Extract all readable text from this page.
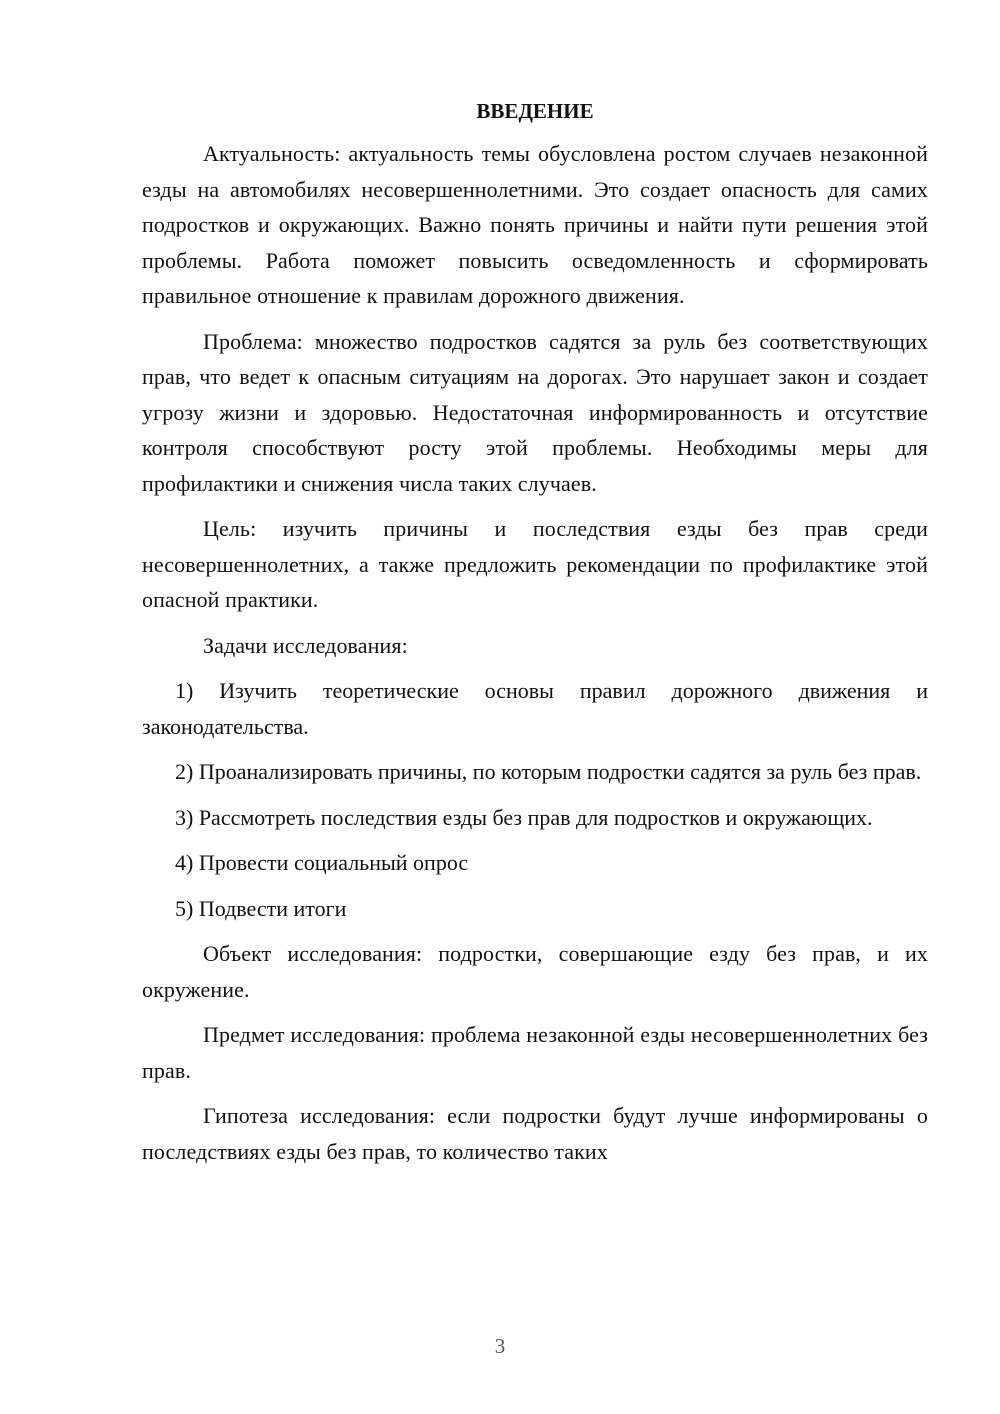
ВВЕДЕНИЕ

Актуальность: актуальность темы обусловлена ростом случаев незаконной езды на автомобилях несовершеннолетними. Это создает опасность для самих подростков и окружающих. Важно понять причины и найти пути решения этой проблемы. Работа поможет повысить осведомленность и сформировать правильное отношение к правилам дорожного движения.

Проблема: множество подростков садятся за руль без соответствующих прав, что ведет к опасным ситуациям на дорогах. Это нарушает закон и создает угрозу жизни и здоровью. Недостаточная информированность и отсутствие контроля способствуют росту этой проблемы. Необходимы меры для профилактики и снижения числа таких случаев.

Цель: изучить причины и последствия езды без прав среди несовершеннолетних, а также предложить рекомендации по профилактике этой опасной практики.

Задачи исследования:

1) Изучить теоретические основы правил дорожного движения и законодательства.

2) Проанализировать причины, по которым подростки садятся за руль без прав.

3) Рассмотреть последствия езды без прав для подростков и окружающих.

4) Провести социальный опрос

5) Подвести итоги

Объект исследования: подростки, совершающие езду без прав, и их окружение.

Предмет исследования: проблема незаконной езды несовершеннолетних без прав.

Гипотеза исследования: если подростки будут лучше информированы о последствиях езды без прав, то количество таких

3
